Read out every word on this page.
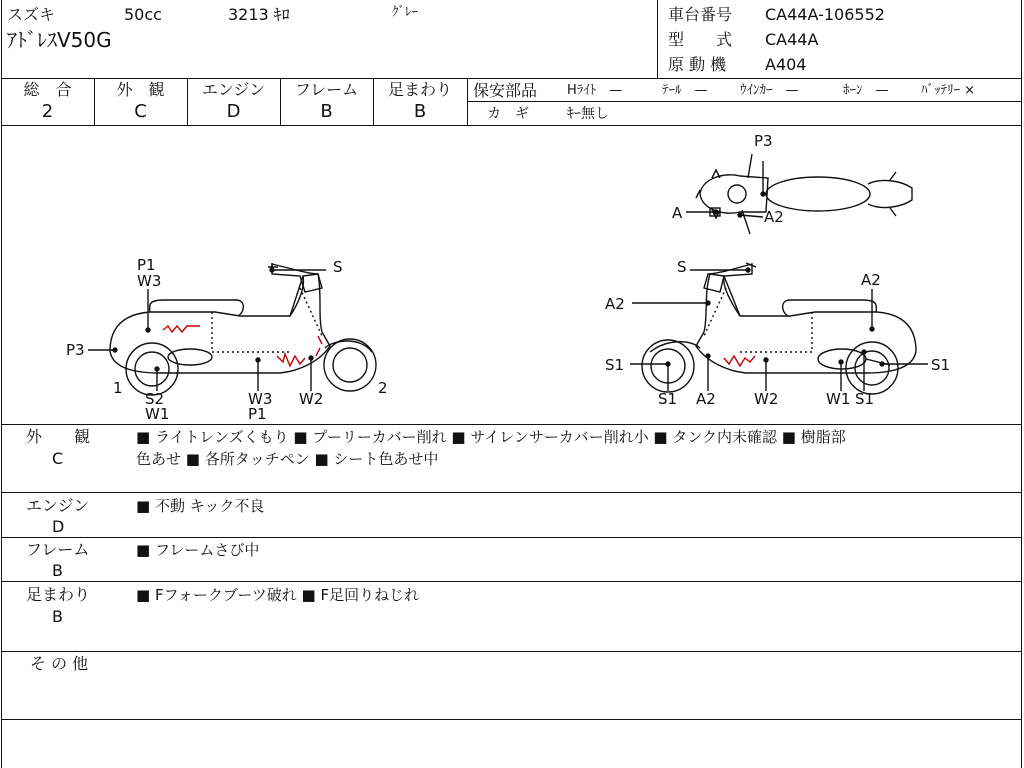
スズキ	50cc	3213 ｷﾛ	ｸﾞﾚｰ
ｱﾄﾞﾚｽV50G
車台番号 CA44A-106552
型　　式 CA44A
原 動 機 A404
総　合
2
外　観
C
エンジン
D
フレーム
B
足まわり
B
保安部品 Hﾗｲﾄ　—	ﾃｰﾙ　— ｳｲﾝｶｰ　—	ﾎｰﾝ　— ﾊﾞｯﾃﾘｰ ×
カ　ギ	ｷｰ無し
P1
W3
P3
S
1
S2
W1
W3
P1
W2
2
P3
A	A2
S
A2
A2
S1
S1 A2	W2	W1 S1
S1
外　　観
C
■ ライトレンズくもり ■ プーリーカバー削れ ■ サイレンサーカバー削れ小 ■ タンク内未確認 ■ 樹脂部
色あせ ■ 各所タッチペン ■ シート色あせ中
エンジン
D
■ 不動 キック不良
フレーム
B
■ フレームさび中
足まわり
B
■ Fフォークブーツ破れ ■ F足回りねじれ
そ の 他
